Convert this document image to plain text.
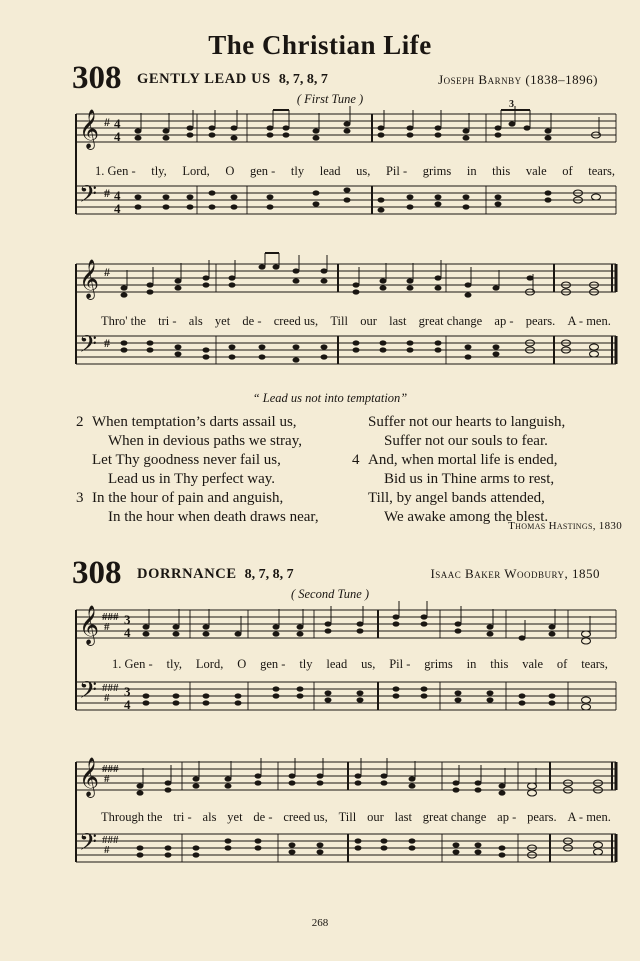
The Christian Life
308 GENTLY LEAD US 8, 7, 8, 7	Joseph Barnby (1838–1896)
( First Tune )
𝄞
𝄢
# 4
4
# 4
4
3
1. Gen - tly, Lord, O gen - tly lead us, Pil - grims in this vale of tears,
𝄞
𝄢
#
#
Thro' the tri - als yet de - creed us, Till our last great change ap - pears. A - men.
“ Lead us not into temptation”
2 When temptation’s darts assail us,
When in devious paths we stray,
Let Thy goodness never fail us,
Lead us in Thy perfect way.
3 In the hour of pain and anguish,
In the hour when death draws near,
Suffer not our hearts to languish,
Suffer not our souls to fear.
4 And, when mortal life is ended,
Bid us in Thine arms to rest,
Till, by angel bands attended,
We awake among the blest.
Thomas Hastings, 1830
308 DORRNANCE 8, 7, 8, 7	Isaac Baker Woodbury, 1850
( Second Tune )
𝄞
𝄢
###
# 3
4
###
# 3
4
1. Gen - tly, Lord, O gen - tly lead us, Pil - grims in this vale of tears,
𝄞
𝄢
###
#
###
#
Through the tri - als yet de - creed us, Till our last great change ap - pears. A - men.
268
